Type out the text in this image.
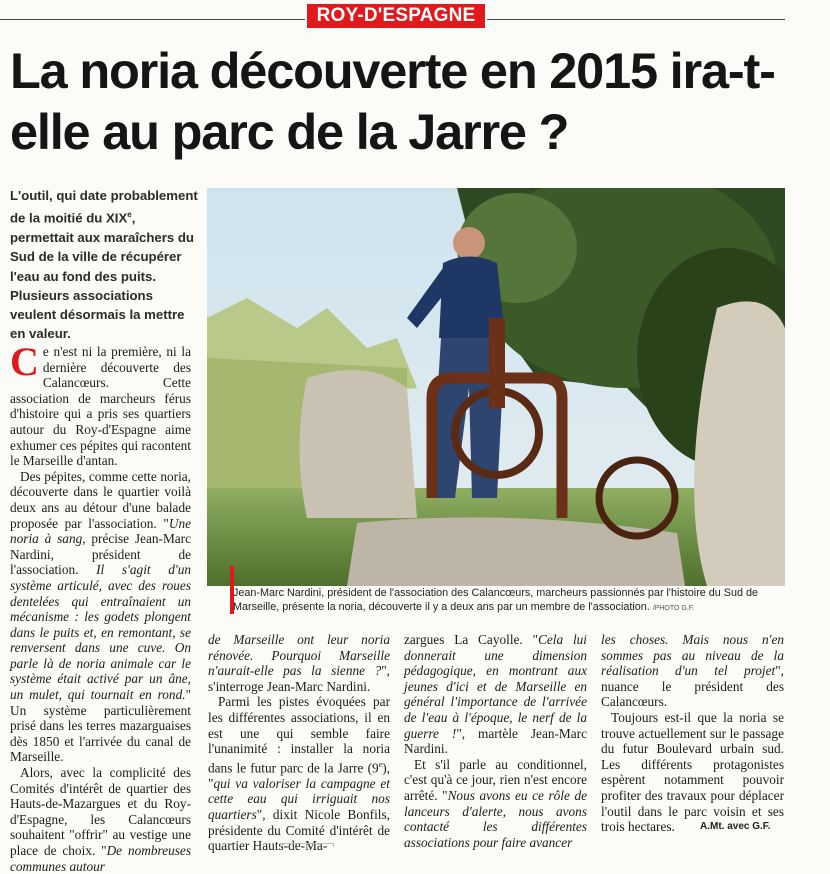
ROY-D'ESPAGNE
La noria découverte en 2015 ira-t-elle au parc de la Jarre ?
L'outil, qui date probablement de la moitié du XIXe, permettait aux maraîchers du Sud de la ville de récupérer l'eau au fond des puits. Plusieurs associations veulent désormais la mettre en valeur.
Jean-Marc Nardini, président de l'association des Calancœurs, marcheurs passionnés par l'histoire du Sud de Marseille, présente la noria, découverte il y a deux ans par un membre de l'association. /PHOTO G.F.

Ce n'est ni la première, ni la dernière découverte des Calancœurs. Cette association de marcheurs férus d'histoire qui a pris ses quartiers autour du Roy-d'Espagne aime exhumer ces pépites qui racontent le Marseille d'antan.

Des pépites, comme cette noria, découverte dans le quartier voilà deux ans au détour d'une balade proposée par l'association. "Une noria à sang, précise Jean-Marc Nardini, président de l'association. Il s'agit d'un système articulé, avec des roues dentelées qui entraînaient un mécanisme : les godets plongent dans le puits et, en remontant, se renversent dans une cuve. On parle là de noria animale car le système était activé par un âne, un mulet, qui tournait en rond." Un système particulièrement prisé dans les terres mazarguaises dès 1850 et l'arrivée du canal de Marseille.

Alors, avec la complicité des Comités d'intérêt de quartier des Hauts-de-Mazargues et du Roy-d'Espagne, les Calancœurs souhaitent "offrir" au vestige une place de choix. "De nombreuses communes autour

de Marseille ont leur noria rénovée. Pourquoi Marseille n'aurait-elle pas la sienne ?", s'interroge Jean-Marc Nardini.

Parmi les pistes évoquées par les différentes associations, il en est une qui semble faire l'unanimité : installer la noria dans le futur parc de la Jarre (9e), "qui va valoriser la campagne et cette eau qui irriguait nos quartiers", dixit Nicole Bonfils, présidente du Comité d'intérêt de quartier Hauts-de-Ma-

zargues La Cayolle. "Cela lui donnerait une dimension pédagogique, en montrant aux jeunes d'ici et de Marseille en général l'importance de l'arrivée de l'eau à l'époque, le nerf de la guerre !", martèle Jean-Marc Nardini.

Et s'il parle au conditionnel, c'est qu'à ce jour, rien n'est encore arrêté. "Nous avons eu ce rôle de lanceurs d'alerte, nous avons contacté les différentes associations pour faire avancer

les choses. Mais nous n'en sommes pas au niveau de la réalisation d'un tel projet", nuance le président des Calancœurs.

Toujours est-il que la noria se trouve actuellement sur le passage du futur Boulevard urbain sud. Les différents protagonistes espèrent notamment pouvoir profiter des travaux pour déplacer l'outil dans le parc voisin et ses trois hectares.	A.Mt. avec G.F.
